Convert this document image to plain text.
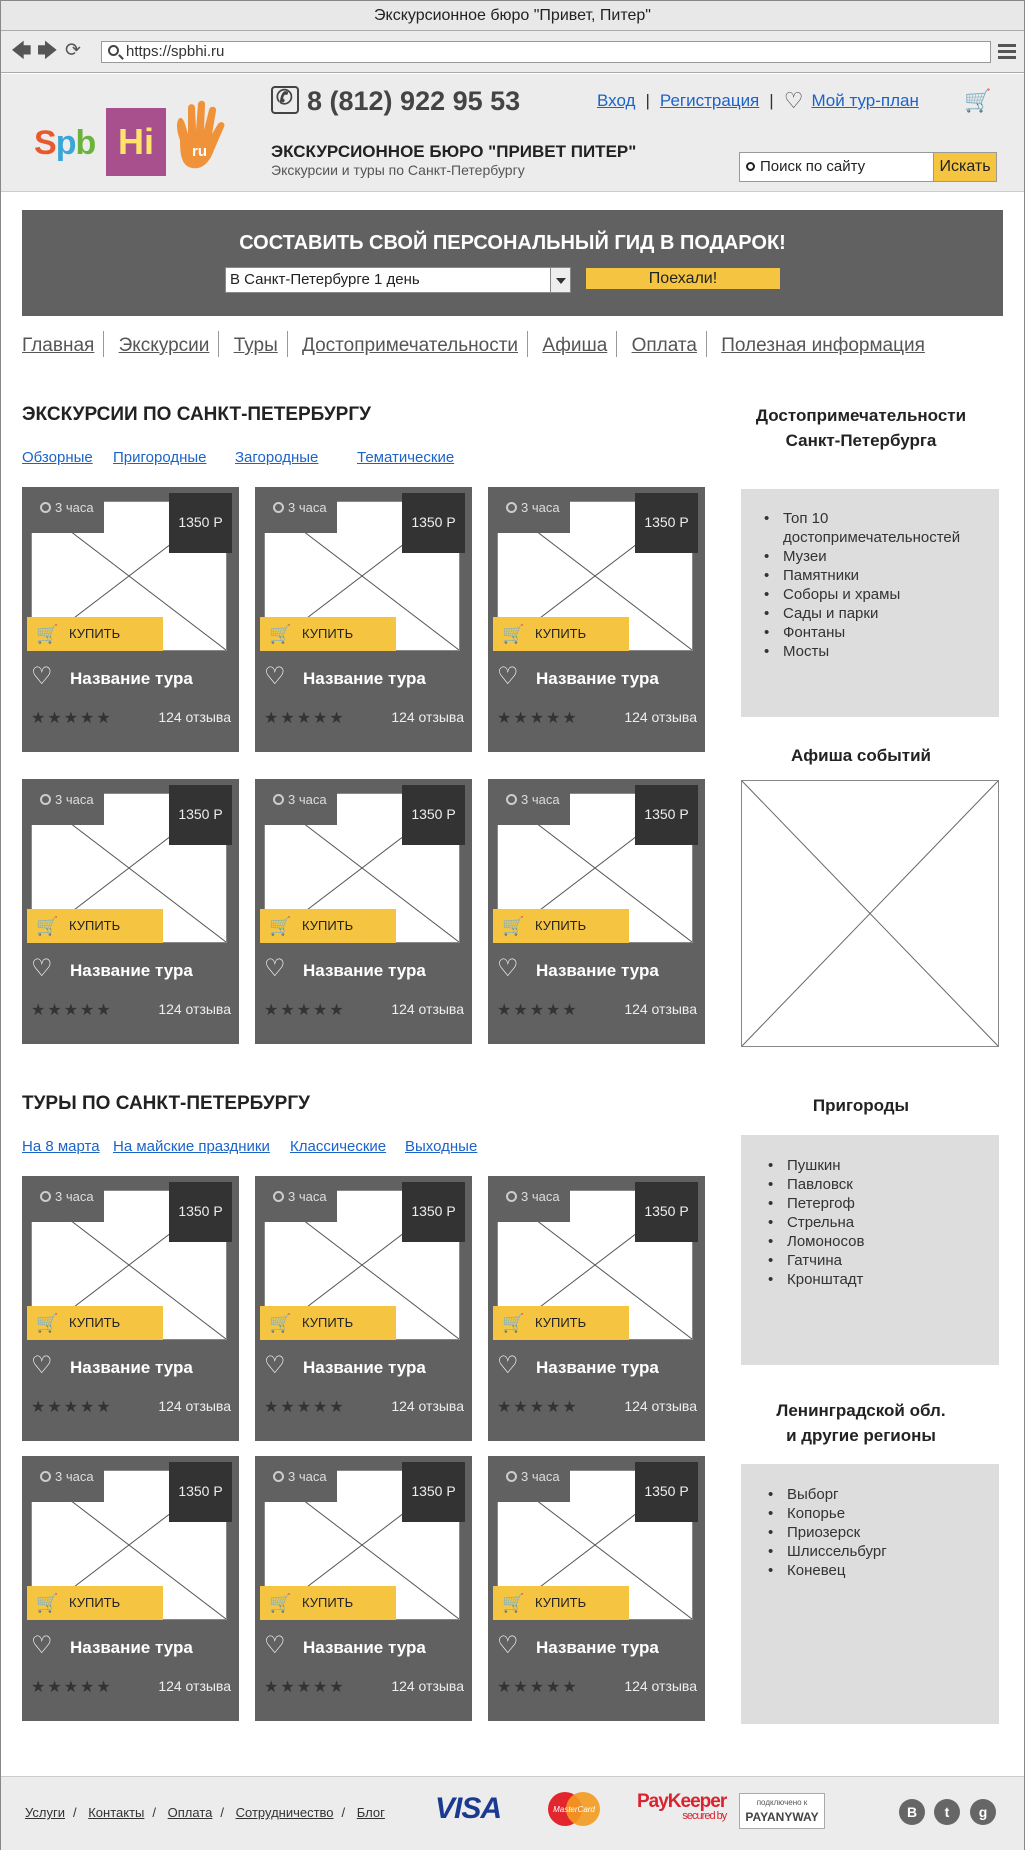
Экскурсионное бюро "Привет, Питер"
🡄 🡆 ⟳	https://spbhi.ru
Spb Hi	ru
✆8 (812) 922 95 53
ЭКСКУРСИОННОЕ БЮРО "ПРИВЕТ ПИТЕР"
Экскурсии и туры по Санкт-Петербургу
Вход | Регистрация | ♡ Мой тур-план 🛒
Поиск по сайту	Искать
СОСТАВИТЬ СВОЙ ПЕРСОНАЛЬНЫЙ ГИД В ПОДАРОК!
В Санкт-Петербурге 1 день	Поехали!
Главная Экскурсии Туры Достопримечательности Афиша Оплата Полезная информация
ЭКСКУРСИИ ПО САНКТ-ПЕТЕРБУРГУ
Обзорные Пригородные Загородные	Тематические
3 часа
1350 Р
🛒 КУПИТЬ
♡ Название тура
★★★★★	124 отзыва
3 часа
1350 Р
🛒 КУПИТЬ
♡ Название тура
★★★★★	124 отзыва
3 часа
1350 Р
🛒 КУПИТЬ
♡ Название тура
★★★★★	124 отзыва
3 часа
1350 Р
🛒 КУПИТЬ
♡ Название тура
★★★★★	124 отзыва
3 часа
1350 Р
🛒 КУПИТЬ
♡ Название тура
★★★★★	124 отзыва
3 часа
1350 Р
🛒 КУПИТЬ
♡ Название тура
★★★★★	124 отзыва
3 часа
1350 Р
🛒 КУПИТЬ
♡ Название тура
★★★★★	124 отзыва
3 часа
1350 Р
🛒 КУПИТЬ
♡ Название тура
★★★★★	124 отзыва
3 часа
1350 Р
🛒 КУПИТЬ
♡ Название тура
★★★★★	124 отзыва
3 часа
1350 Р
🛒 КУПИТЬ
♡ Название тура
★★★★★	124 отзыва
3 часа
1350 Р
🛒 КУПИТЬ
♡ Название тура
★★★★★	124 отзыва
3 часа
1350 Р
🛒 КУПИТЬ
♡ Название тура
★★★★★	124 отзыва
ТУРЫ ПО САНКТ-ПЕТЕРБУРГУ
На 8 марта На майские праздники Классические Выходные
Достопримечательности
Санкт-Петербурга
• Топ 10 достопримечательностей
• Музеи
• Памятники
• Соборы и храмы
• Сады и парки
• Фонтаны
• Мосты
Афиша событий
Пригороды
• Пушкин
• Павловск
• Петергоф
• Стрельна
• Ломоносов
• Гатчина
• Кронштадт
Ленинградской обл.
и другие регионы
• Выборг
• Копорье
• Приозерск
• Шлиссельбург
• Коневец
Услуги / Контакты / Оплата / Сотрудничество / Блог VISA	MasterCard PayKeeper
secured by
подключено к
PAYANYWAY	В	t	g
